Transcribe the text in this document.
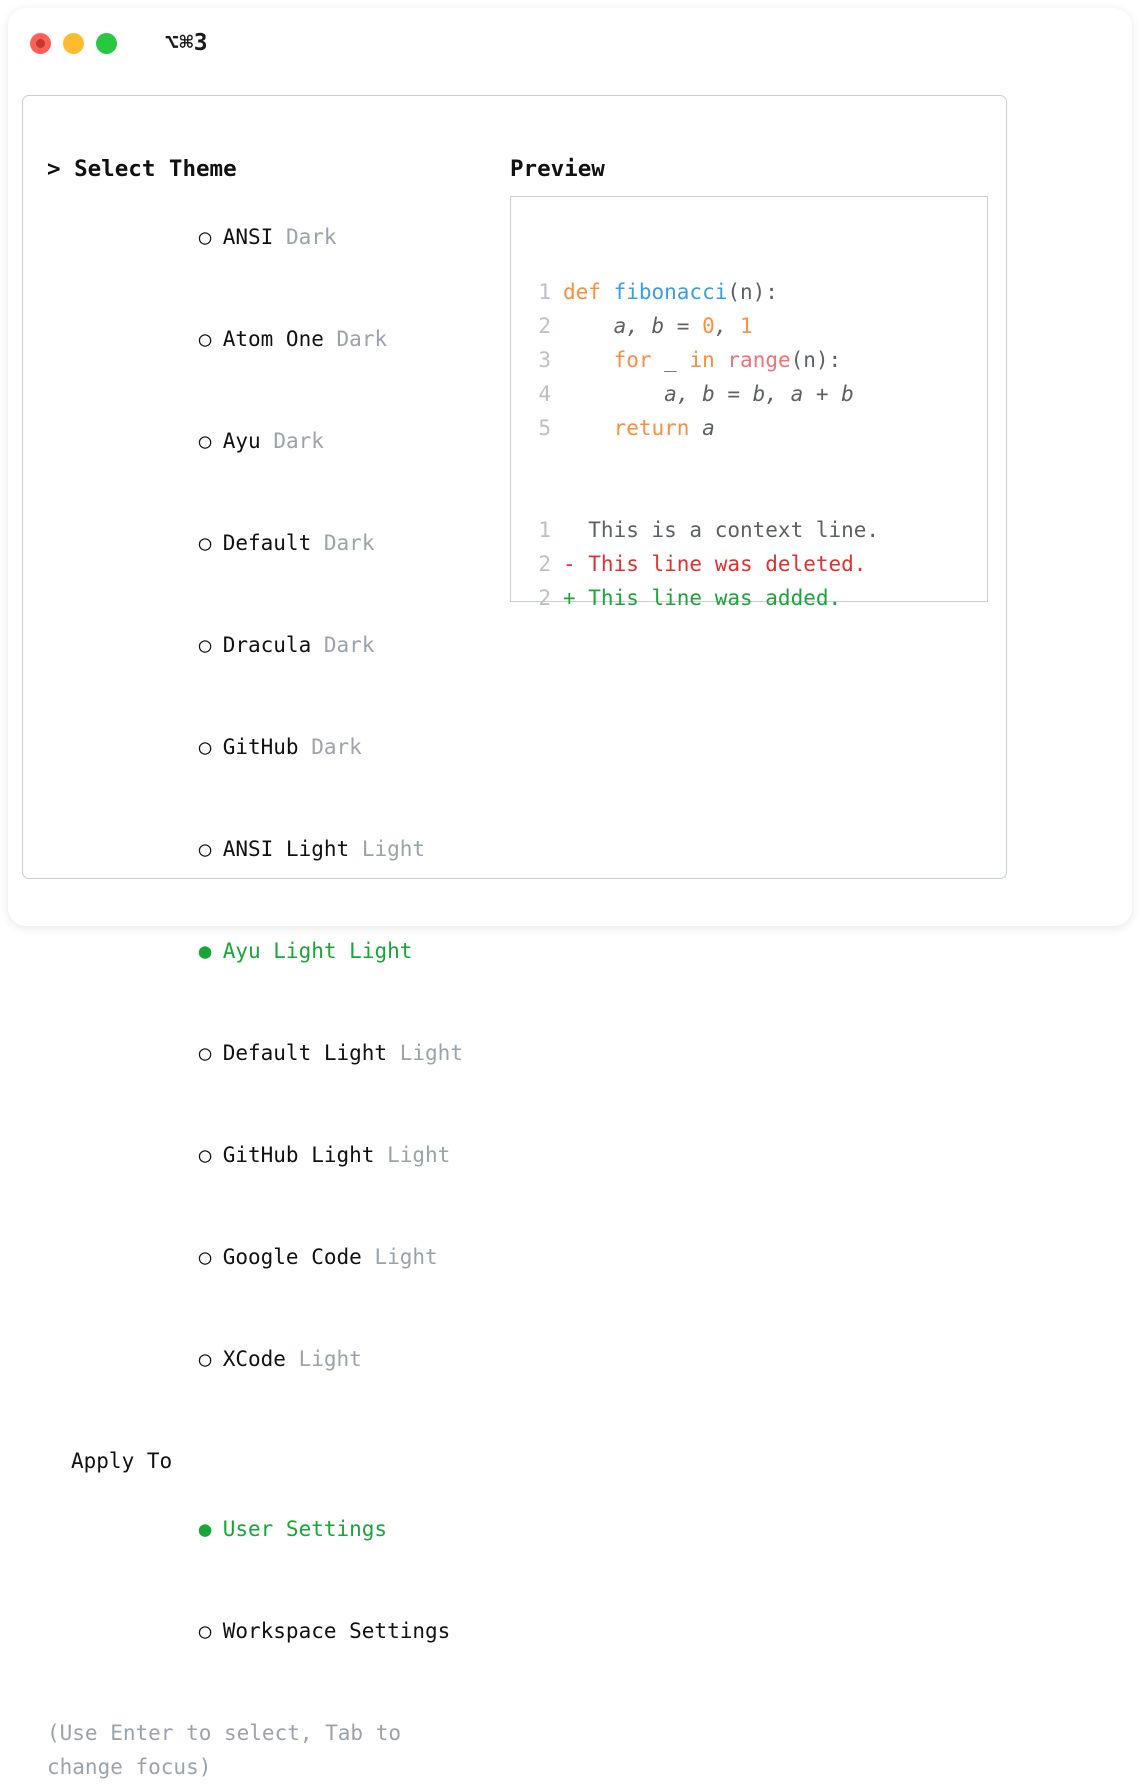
⌥⌘3
> Select Theme

○ ANSI Dark

○ Atom One Dark

○ Ayu Dark

○ Default Dark

○ Dracula Dark

○ GitHub Dark

○ ANSI Light Light

● Ayu Light Light

○ Default Light Light

○ GitHub Light Light

○ Google Code Light

○ XCode Light

Apply To

● User Settings

○ Workspace Settings

(Use Enter to select, Tab to change focus)
Preview

1 def fibonacci(n):
2    a, b = 0, 1
3	for _ in range(n):
4        a, b = b, a + b
5	return a

1  This is a context line.
2 - This line was deleted.
2 + This line was added.
